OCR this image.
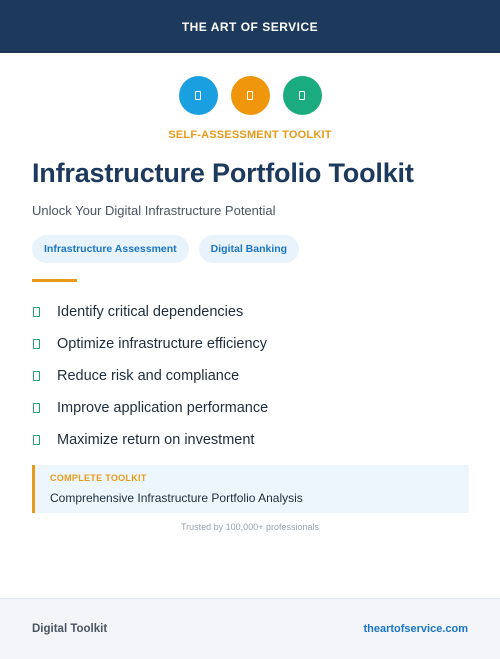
THE ART OF SERVICE
SELF-ASSESSMENT TOOLKIT
Infrastructure Portfolio Toolkit

Unlock Your Digital Infrastructure Potential

Infrastructure Assessment	Digital Banking
Identify critical dependencies
Optimize infrastructure efficiency
Reduce risk and compliance
Improve application performance
Maximize return on investment
COMPLETE TOOLKIT
Comprehensive Infrastructure Portfolio Analysis
Trusted by 100,000+ professionals
Digital Toolkit	theartofservice.com
